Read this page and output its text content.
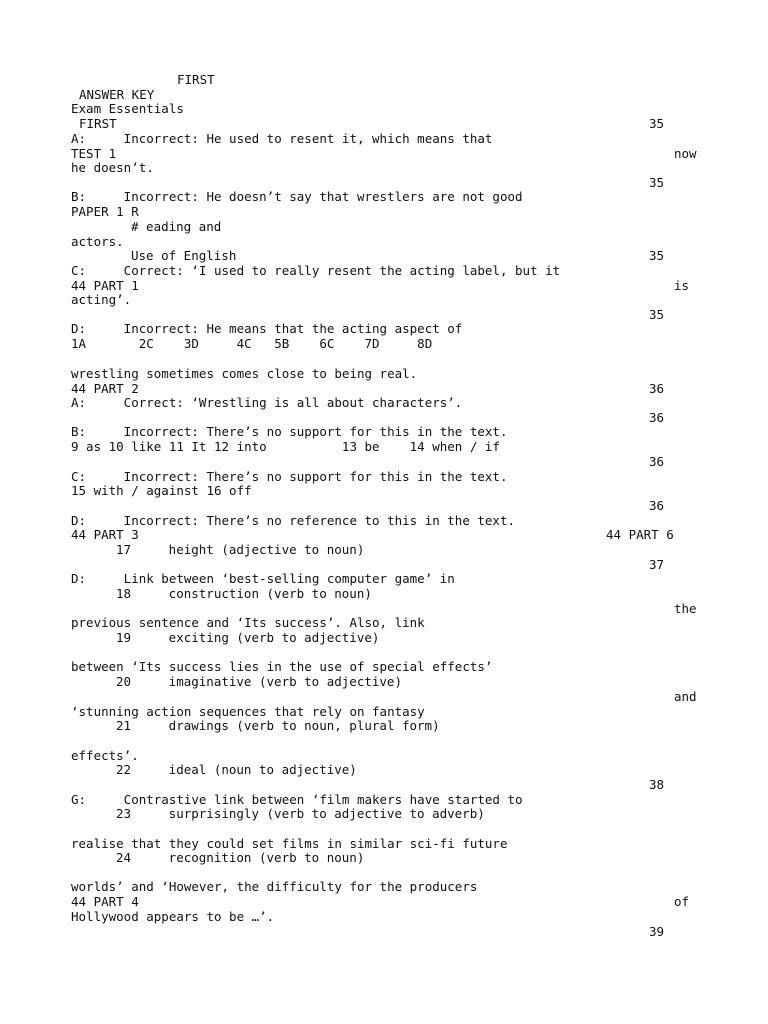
FIRST

ANSWER KEY

Exam Essentials

FIRST	35

A:     Incorrect: He used to resent it, which means that

TEST 1	now

he doesn’t.

35

B:     Incorrect: He doesn’t say that wrestlers are not good

PAPER 1 R

# eading and

actors.

Use of English	35

C:     Correct: ‘I used to really resent the acting label, but it

44 PART 1	is

acting’.

35

D:     Incorrect: He means that the acting aspect of

1A       2C    3D     4C   5B    6C    7D     8D

wrestling sometimes comes close to being real.

44 PART 2	36

A:     Correct: ‘Wrestling is all about characters’.

36

B:     Incorrect: There’s no support for this in the text.

9 as 10 like 11 It 12 into          13 be    14 when / if

36

C:     Incorrect: There’s no support for this in the text.

15 with / against 16 off

36

D:     Incorrect: There’s no reference to this in the text.

44 PART 3	44 PART 6

17     height (adjective to noun)

37

D:     Link between ‘best-selling computer game’ in

18     construction (verb to noun)

the

previous sentence and ‘Its success’. Also, link

19     exciting (verb to adjective)

between ‘Its success lies in the use of special effects’

20     imaginative (verb to adjective)

and

‘stunning action sequences that rely on fantasy

21     drawings (verb to noun, plural form)

effects’.

22     ideal (noun to adjective)

38

G:     Contrastive link between ‘film makers have started to

23     surprisingly (verb to adjective to adverb)

realise that they could set films in similar sci-fi future

24     recognition (verb to noun)

worlds’ and ‘However, the difficulty for the producers

44 PART 4	of

Hollywood appears to be …’.

39
